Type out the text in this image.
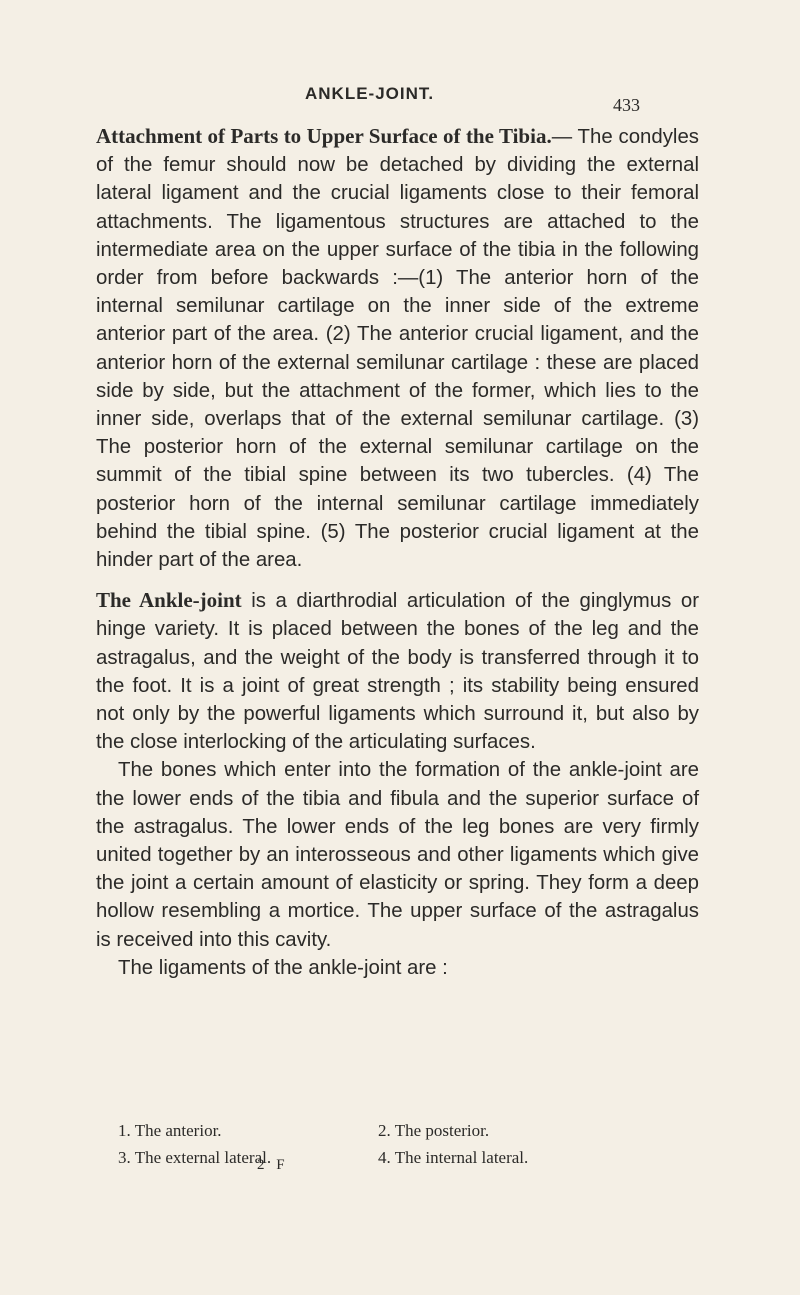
ANKLE-JOINT.
433

Attachment of Parts to Upper Surface of the Tibia.— The condyles of the femur should now be detached by dividing the external lateral ligament and the crucial ligaments close to their femoral attachments. The ligamentous structures are attached to the intermediate area on the upper surface of the tibia in the following order from before backwards :—(1) The anterior horn of the internal semilunar cartilage on the inner side of the extreme anterior part of the area. (2) The anterior crucial ligament, and the anterior horn of the external semilunar cartilage : these are placed side by side, but the attachment of the former, which lies to the inner side, overlaps that of the external semilunar cartilage. (3) The posterior horn of the external semilunar cartilage on the summit of the tibial spine between its two tubercles. (4) The posterior horn of the internal semilunar cartilage immediately behind the tibial spine. (5) The posterior crucial ligament at the hinder part of the area.

The Ankle-joint is a diarthrodial articulation of the ginglymus or hinge variety. It is placed between the bones of the leg and the astragalus, and the weight of the body is transferred through it to the foot. It is a joint of great strength ; its stability being ensured not only by the powerful ligaments which surround it, but also by the close interlocking of the articulating surfaces.

The bones which enter into the formation of the ankle-joint are the lower ends of the tibia and fibula and the superior surface of the astragalus. The lower ends of the leg bones are very firmly united together by an interosseous and other ligaments which give the joint a certain amount of elasticity or spring. They form a deep hollow resembling a mortice. The upper surface of the astragalus is received into this cavity.

The ligaments of the ankle-joint are :

1. The anterior.	2. The posterior.3. The external lateral.	4. The internal lateral.
2 F
